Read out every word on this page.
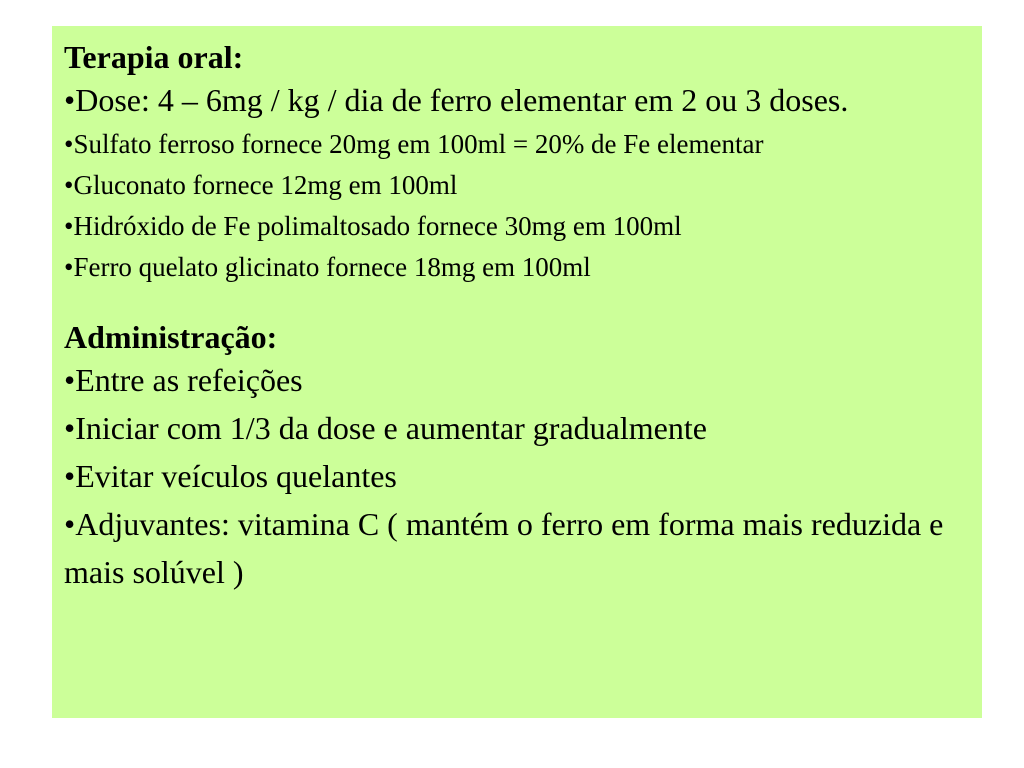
Terapia oral:

•Dose: 4 – 6mg / kg / dia de ferro elementar em 2 ou 3 doses.

•Sulfato ferroso fornece 20mg em 100ml = 20% de Fe elementar

•Gluconato fornece 12mg em 100ml

•Hidróxido de Fe polimaltosado fornece 30mg em 100ml

•Ferro quelato glicinato fornece 18mg em 100ml

Administração:

•Entre as refeições

•Iniciar com 1/3 da dose e aumentar gradualmente

•Evitar veículos quelantes

•Adjuvantes: vitamina C ( mantém o ferro em forma mais reduzida e mais solúvel )
